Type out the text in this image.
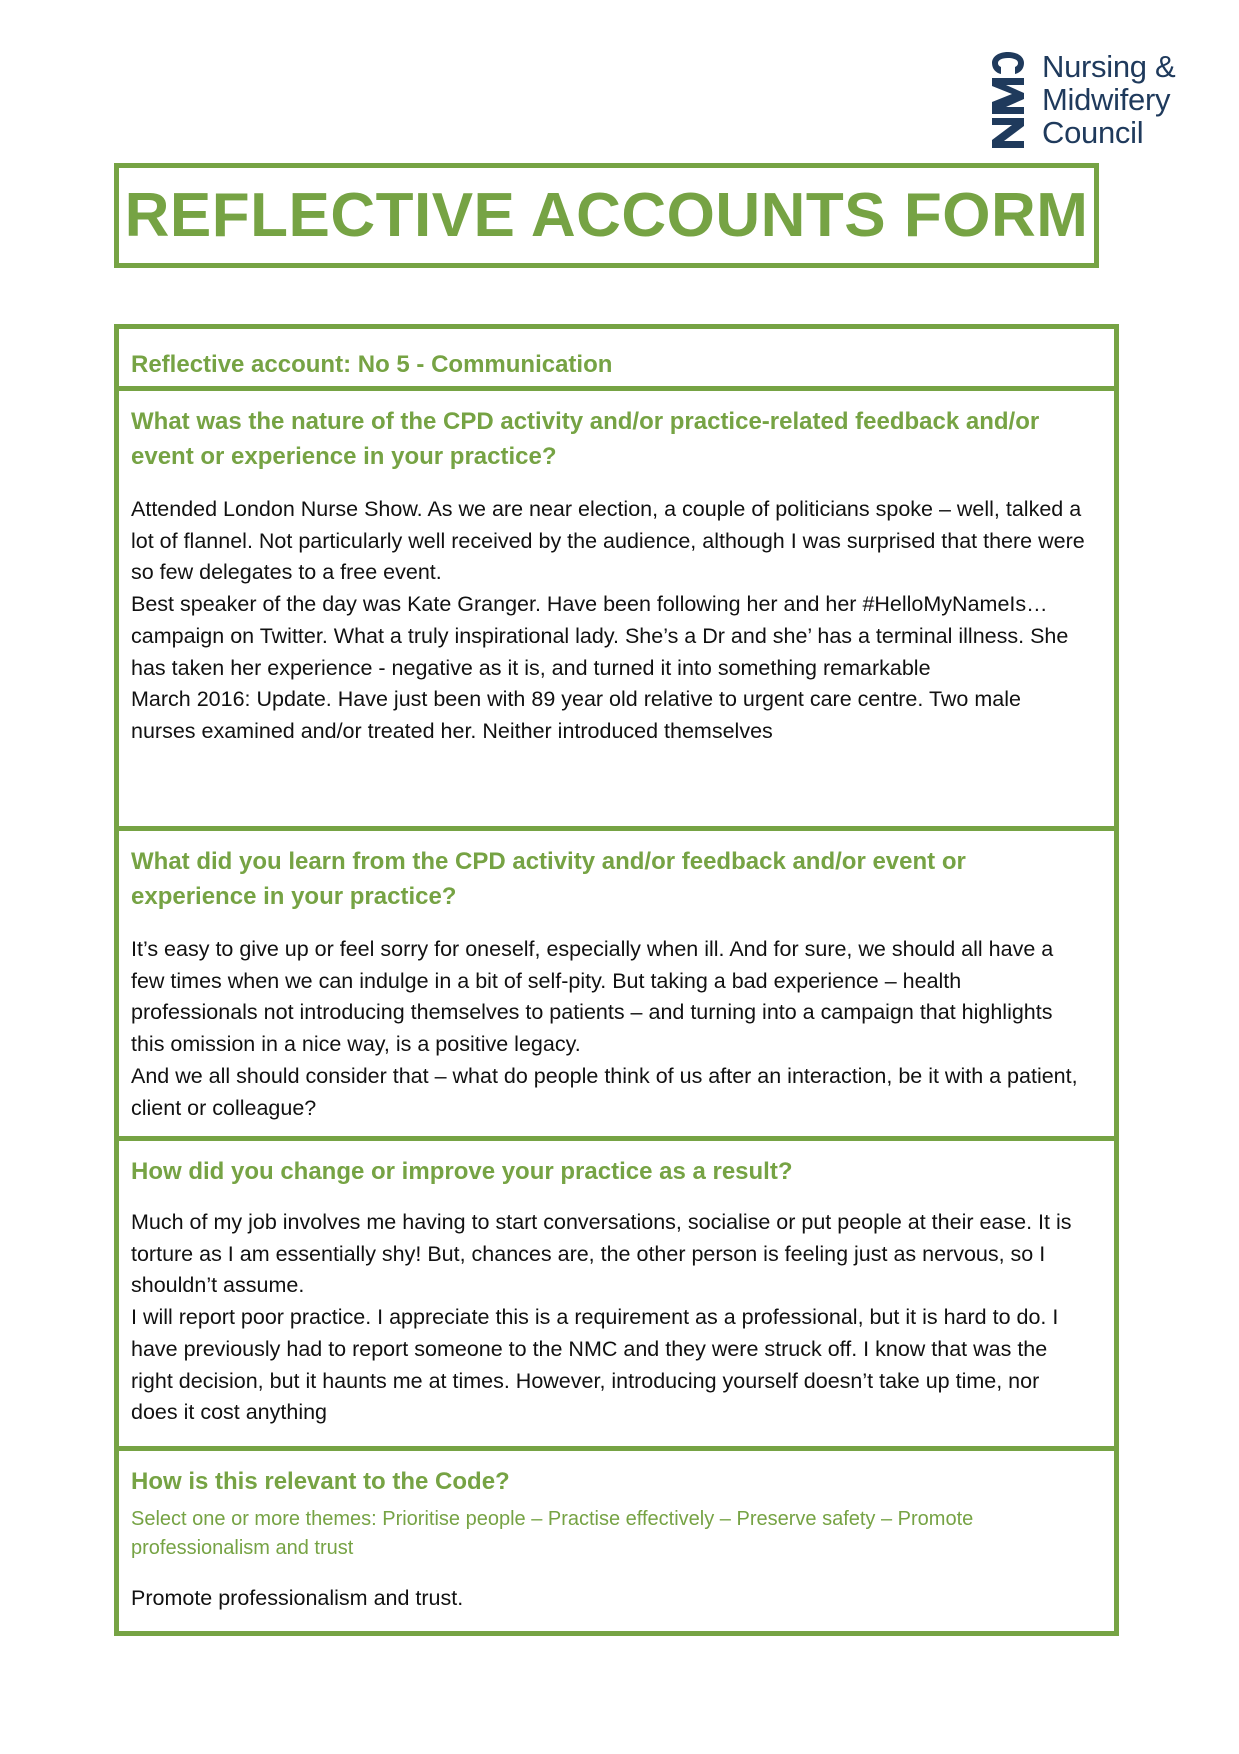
Nursing &
Midwifery
Council
REFLECTIVE ACCOUNTS FORM
Reflective account: No 5 - Communication
What was the nature of the CPD activity and/or practice-related feedback and/or event or experience in your practice?

Attended London Nurse Show. As we are near election, a couple of politicians spoke – well, talked a lot of flannel. Not particularly well received by the audience, although I was surprised that there were so few delegates to a free event.

Best speaker of the day was Kate Granger. Have been following her and her #HelloMyNameIs… campaign on Twitter. What a truly inspirational lady. She’s a Dr and she’ has a terminal illness. She has taken her experience - negative as it is, and turned it into something remarkable

March 2016: Update. Have just been with 89 year old relative to urgent care centre. Two male nurses examined and/or treated her. Neither introduced themselves

What did you learn from the CPD activity and/or feedback and/or event or experience in your practice?

It’s easy to give up or feel sorry for oneself, especially when ill. And for sure, we should all have a few times when we can indulge in a bit of self-pity. But taking a bad experience – health professionals not introducing themselves to patients – and turning into a campaign that highlights this omission in a nice way, is a positive legacy.

And we all should consider that – what do people think of us after an interaction, be it with a patient, client or colleague?

How did you change or improve your practice as a result?

Much of my job involves me having to start conversations, socialise or put people at their ease. It is torture as I am essentially shy! But, chances are, the other person is feeling just as nervous, so I shouldn’t assume.

I will report poor practice. I appreciate this is a requirement as a professional, but it is hard to do. I have previously had to report someone to the NMC and they were struck off. I know that was the right decision, but it haunts me at times. However, introducing yourself doesn’t take up time, nor does it cost anything

How is this relevant to the Code?
Select one or more themes: Prioritise people – Practise effectively – Preserve safety – Promote professionalism and trust
Promote professionalism and trust.
